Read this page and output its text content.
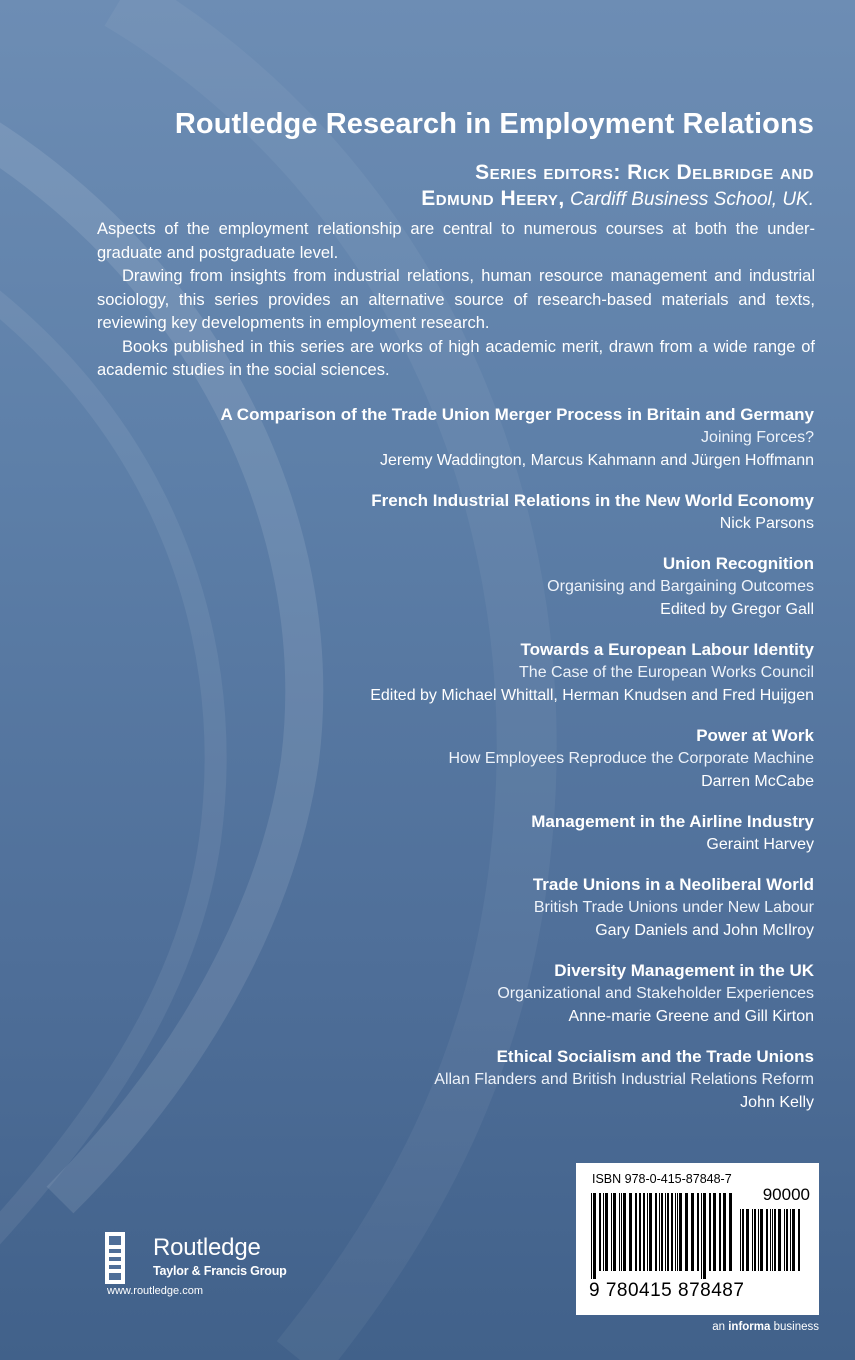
Routledge Research in Employment Relations
Series editors: Rick Delbridge and
Edmund Heery, Cardiff Business School, UK.

Aspects of the employment relationship are central to numerous courses at both the under-graduate and postgraduate level.

Drawing from insights from industrial relations, human resource management and industrial sociology, this series provides an alternative source of research-based materials and texts, reviewing key developments in employment research.

Books published in this series are works of high academic merit, drawn from a wide range of academic studies in the social sciences.

A Comparison of the Trade Union Merger Process in Britain and Germany
Joining Forces?
Jeremy Waddington, Marcus Kahmann and Jürgen Hoffmann
French Industrial Relations in the New World Economy
Nick Parsons
Union Recognition
Organising and Bargaining Outcomes
Edited by Gregor Gall
Towards a European Labour Identity
The Case of the European Works Council
Edited by Michael Whittall, Herman Knudsen and Fred Huijgen
Power at Work
How Employees Reproduce the Corporate Machine
Darren McCabe
Management in the Airline Industry
Geraint Harvey
Trade Unions in a Neoliberal World
British Trade Unions under New Labour
Gary Daniels and John McIlroy
Diversity Management in the UK
Organizational and Stakeholder Experiences
Anne-marie Greene and Gill Kirton
Ethical Socialism and the Trade Unions
Allan Flanders and British Industrial Relations Reform
John Kelly
ISBN 978-0-415-87848-7
90000
9 780415 878487
Routledge
Taylor & Francis Group
www.routledge.com
an informa business
